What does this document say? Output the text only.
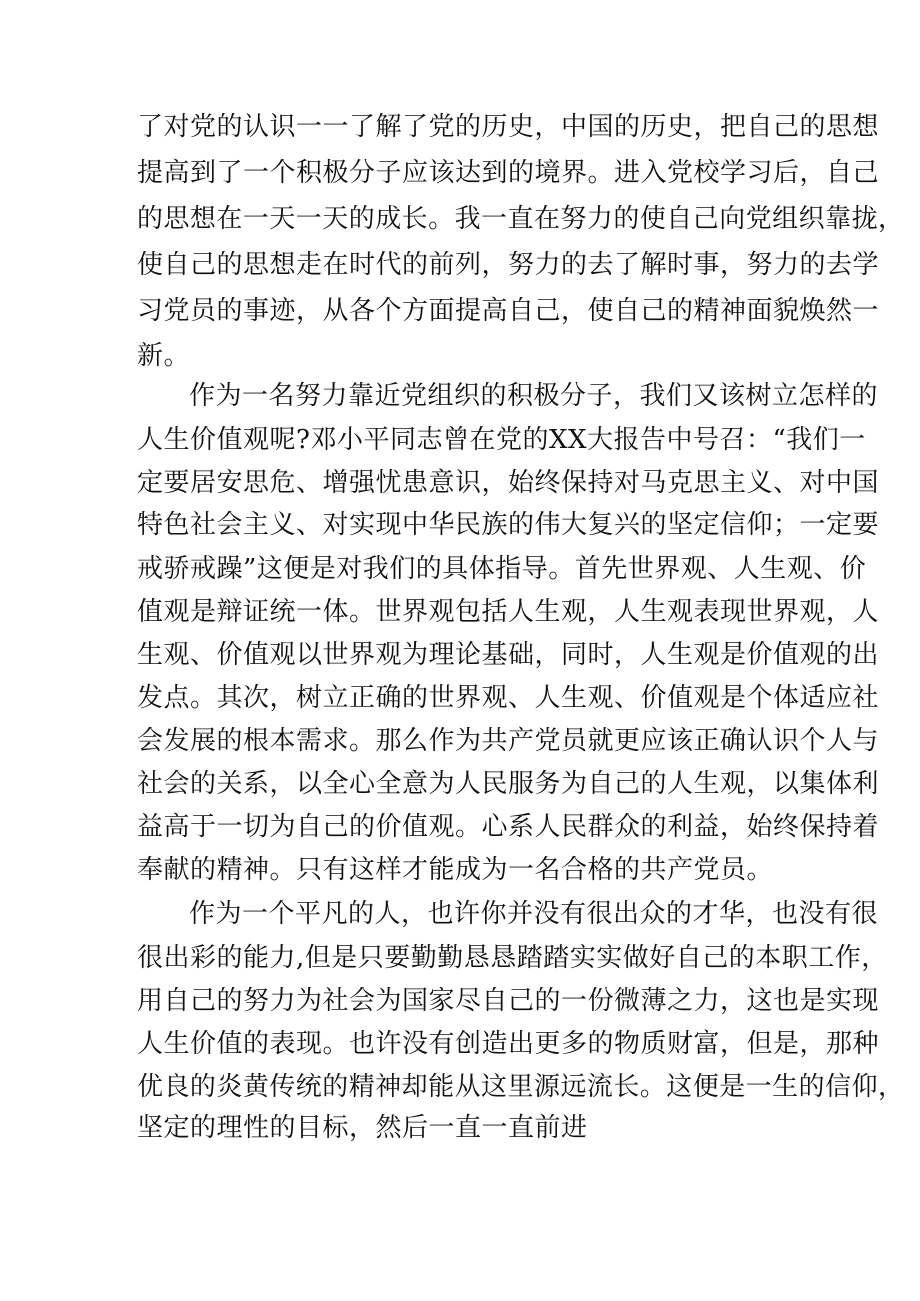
了对党的认识一一了解了党的历史，中国的历史，把自己的思想
提高到了一个积极分子应该达到的境界。进入党校学习后，自己
的思想在一天一天的成长。我一直在努力的使自己向党组织靠拢，
使自己的思想走在时代的前列，努力的去了解时事，努力的去学
习党员的事迹，从各个方面提高自己，使自己的精神面貌焕然一
新。
作为一名努力靠近党组织的积极分子，我们又该树立怎样的
人生价值观呢?邓小平同志曾在党的XX大报告中号召：“我们一
定要居安思危、增强忧患意识，始终保持对马克思主义、对中国
特色社会主义、对实现中华民族的伟大复兴的坚定信仰；一定要
戒骄戒躁”这便是对我们的具体指导。首先世界观、人生观、价
值观是辩证统一体。世界观包括人生观，人生观表现世界观，人
生观、价值观以世界观为理论基础，同时，人生观是价值观的出
发点。其次，树立正确的世界观、人生观、价值观是个体适应社
会发展的根本需求。那么作为共产党员就更应该正确认识个人与
社会的关系，以全心全意为人民服务为自己的人生观，以集体利
益高于一切为自己的价值观。心系人民群众的利益，始终保持着
奉献的精神。只有这样才能成为一名合格的共产党员。
作为一个平凡的人，也许你并没有很出众的才华，也没有很
很出彩的能力,但是只要勤勤恳恳踏踏实实做好自己的本职工作，
用自己的努力为社会为国家尽自己的一份微薄之力，这也是实现
人生价值的表现。也许没有创造出更多的物质财富，但是，那种
优良的炎黄传统的精神却能从这里源远流长。这便是一生的信仰，
坚定的理性的目标，然后一直一直前进
